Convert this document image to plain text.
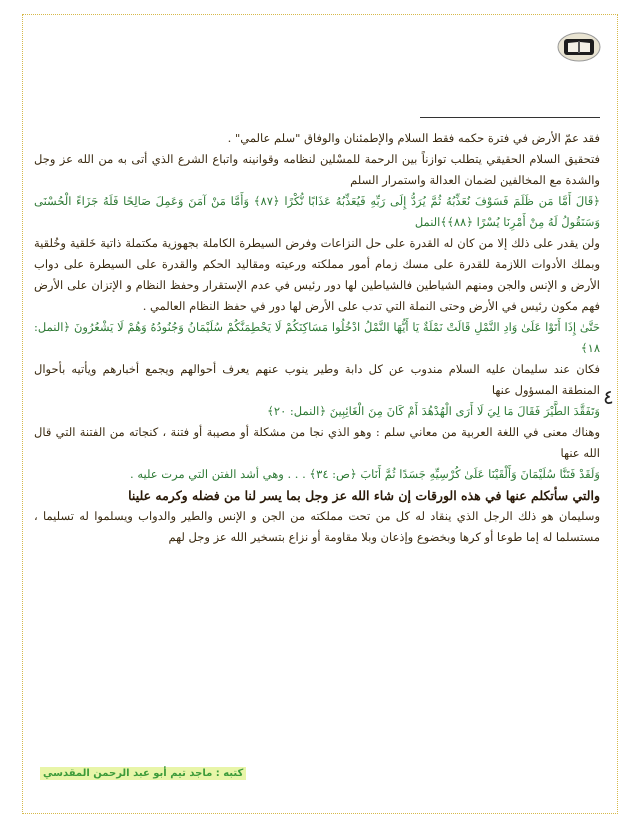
٤

فقد عمّ الأرض في فترة حكمه فقط السلام والإطمئنان والوفاق "سلم عالمي" .

فتحقيق السلام الحقيقي يتطلب توازناً بين الرحمة للمسْلين لنظامه وقوانينه واتباع الشرع الذي أتى به من الله عز وجل والشدة مع المخالفين لضمان العدالة واستمرار السلم

﴿قَالَ أَمَّا مَن ظَلَمَ فَسَوْفَ نُعَذِّبُهُ ثُمَّ يُرَدُّ إِلَى رَبِّهِ فَيُعَذِّبُهُ عَذَابًا نُّكْرًا ﴿٨٧﴾ وَأَمَّا مَنْ آمَنَ وَعَمِلَ صَالِحًا فَلَهُ جَزَاءً الْحُسْنَى وَسَنَقُولُ لَهُ مِنْ أَمْرِنَا يُسْرًا ﴿٨٨﴾﴾النمل

ولن يقدر على ذلك إلا من كان له القدرة على حل النزاعات وفرض السيطرة الكاملة بجهوزية مكتملة ذاتية خَلقية وخُلقية وبملك الأدوات اللازمة للقدرة على مسك زمام أمور مملكته ورعيته ومقاليد الحكم والقدرة على السيطرة على دواب الأرض و الإنس والجن ومنهم الشياطين فالشياطين لها دور رئيس في عدم الإستقرار وحفظ النظام و الإتزان على الأرض فهم مكون رئيس في الأرض وحتى النملة التي تدب على الأرض لها دور في حفظ النظام العالمي .

حَتَّىٰ إِذَا أَتَوْا عَلَىٰ وَادِ النَّمْلِ قَالَتْ نَمْلَةٌ يَا أَيُّهَا النَّمْلُ ادْخُلُوا مَسَاكِنَكُمْ لَا يَحْطِمَنَّكُمْ سُلَيْمَانُ وَجُنُودُهُ وَهُمْ لَا يَشْعُرُونَ ﴿النمل: ١٨﴾

فكان عند سليمان عليه السلام مندوب عن كل دابة وطير ينوب عنهم يعرف أحوالهم ويجمع أخبارهم ويأتيه بأحوال المنطقة المسؤول عنها

وَتَفَقَّدَ الطَّيْرَ فَقَالَ مَا لِيَ لَا أَرَى الْهُدْهُدَ أَمْ كَانَ مِنَ الْغَائِبِينَ ﴿النمل: ٢٠﴾

وهناك معنى في اللغة العربية من معاني سلم : وهو الذي نجا من مشكلة أو مصيبة أو فتنة ، كنجاته من الفتنة التي قال الله عنها

وَلَقَدْ فَتَنَّا سُلَيْمَانَ وَأَلْقَيْنَا عَلَىٰ كُرْسِيِّهِ جَسَدًا ثُمَّ أَنَابَ ﴿ص: ٣٤﴾ . . . وهي أشد الفتن التي مرت عليه .

والتي سأتكلم عنها في هذه الورقات إن شاء الله عز وجل بما يسر لنا من فضله وكرمه علينا

وسليمان هو ذلك الرجل الذي ينقاد له كل من تحت مملكته من الجن و الإنس والطير والدواب ويسلموا له تسليما ، مستسلما له إما طوعا أو كرها وبخضوع وإذعان وبلا مقاومة أو نزاع بتسخير الله عز وجل لهم

كتبه : ماجد تيم أبو عبد الرحمن المقدسي
